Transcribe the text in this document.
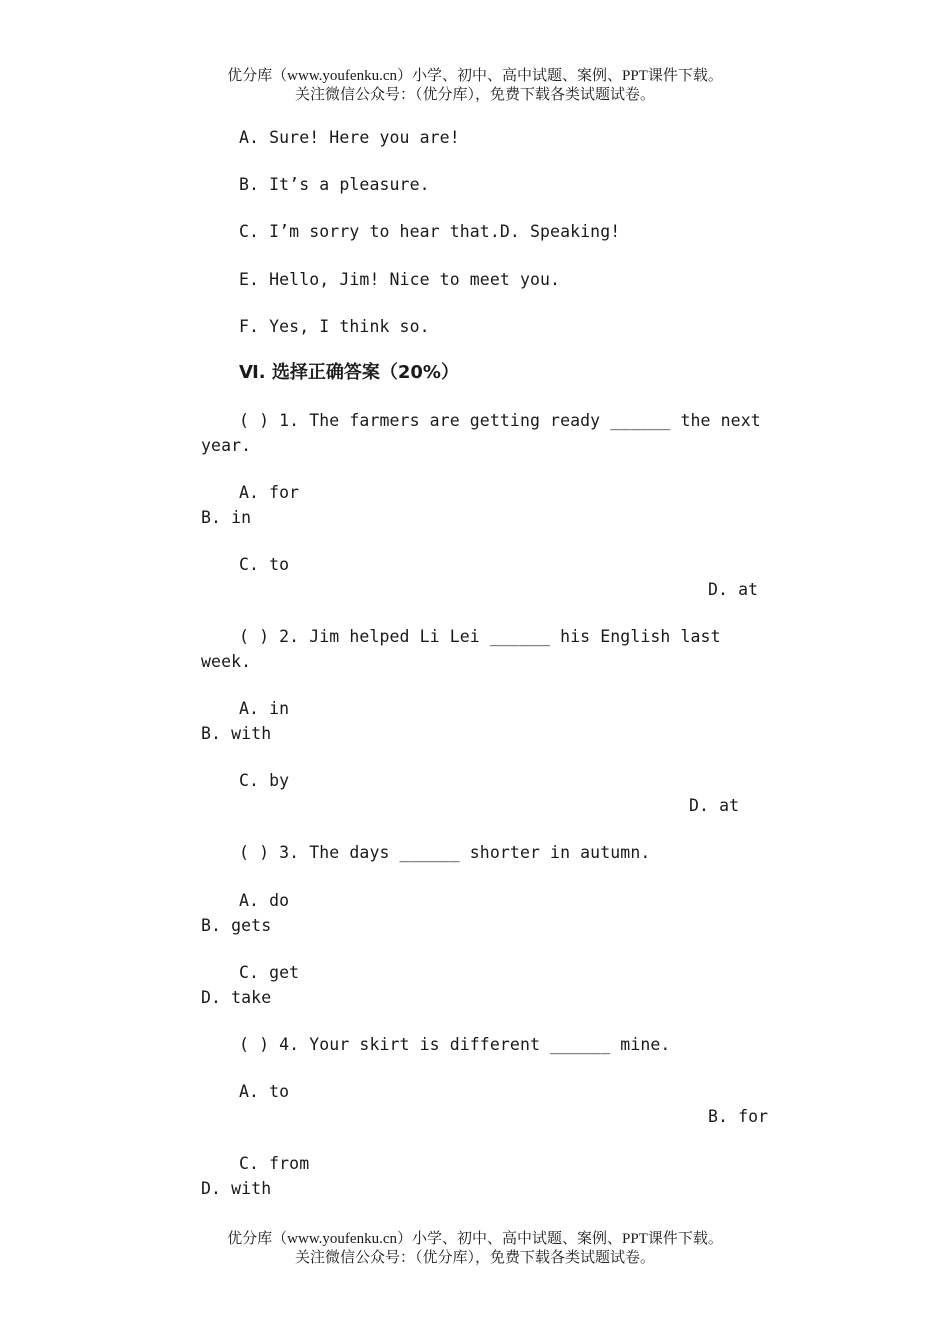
优分库（www.youfenku.cn）小学、初中、高中试题、案例、PPT课件下载。
关注微信公众号：（优分库），免费下载各类试题试卷。
A. Sure! Here you are!
B. It’s a pleasure.
C. I’m sorry to hear that.D. Speaking!
E. Hello, Jim! Nice to meet you.
F. Yes, I think so.
Ⅵ. 选择正确答案（20%）
( ) 1. The farmers are getting ready ______ the next
year.
A. for
B. in
C. to
D. at
( ) 2. Jim helped Li Lei ______ his English last
week.
A. in
B. with
C. by
D. at
( ) 3. The days ______ shorter in autumn.
A. do
B. gets
C. get
D. take
( ) 4. Your skirt is different ______ mine.
A. to
B. for
C. from
D. with
优分库（www.youfenku.cn）小学、初中、高中试题、案例、PPT课件下载。
关注微信公众号：（优分库），免费下载各类试题试卷。
